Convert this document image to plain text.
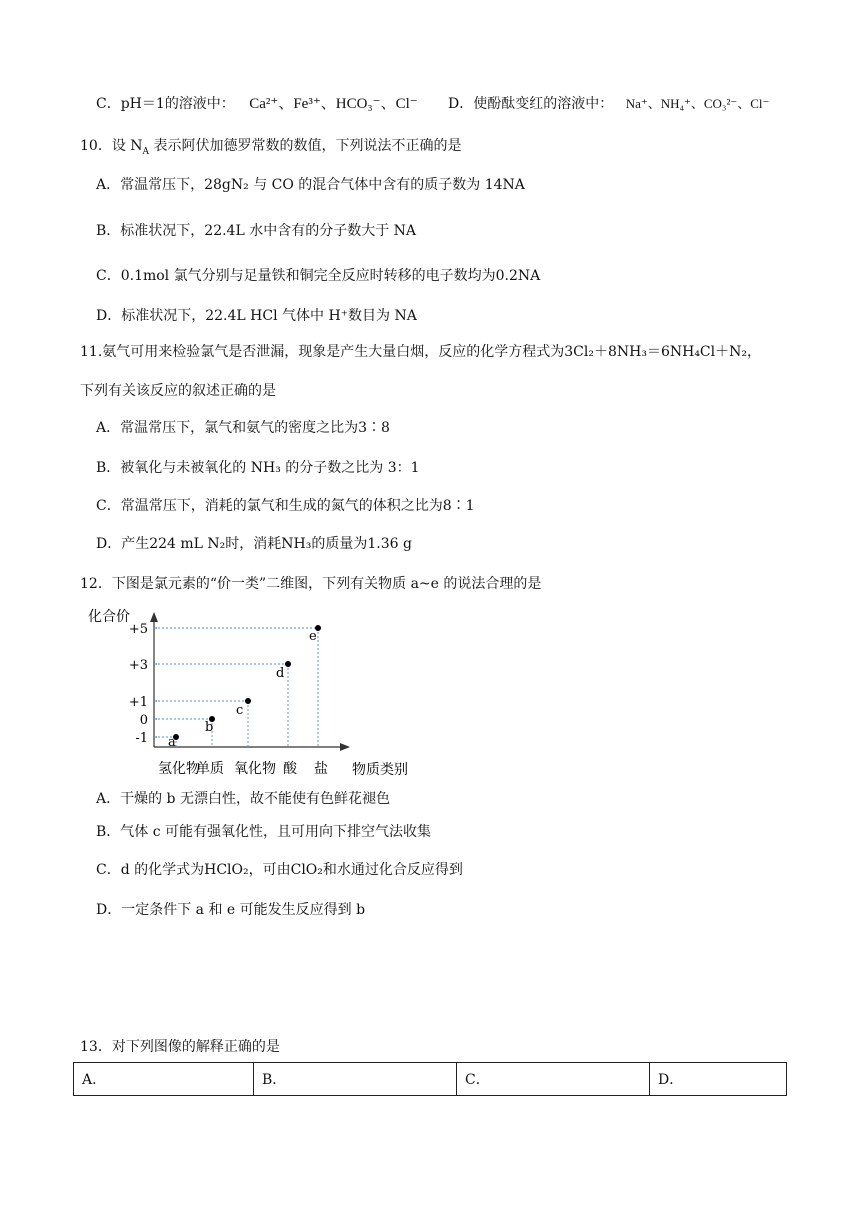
C．pH＝1的溶液中： Ca²⁺、Fe³⁺、HCO₃⁻、Cl⁻ D．使酚酞变红的溶液中： Na⁺、NH₄⁺、CO₃²⁻、Cl⁻
10．设 $N_A$ 表示阿伏加德罗常数的数值，下列说法不正确的是
A．常温常压下，28gN₂ 与 CO 的混合气体中含有的质子数为 14NA
B．标准状况下，22.4L 水中含有的分子数大于 NA
C．0.1mol 氯气分别与足量铁和铜完全反应时转移的电子数均为0.2NA
D．标准状况下，22.4L HCl 气体中 H⁺数目为 NA
11.氨气可用来检验氯气是否泄漏，现象是产生大量白烟，反应的化学方程式为3Cl₂＋8NH₃＝6NH₄Cl＋N₂，
下列有关该反应的叙述正确的是
A．常温常压下，氯气和氨气的密度之比为3∶8
B．被氧化与未被氧化的 NH₃ 的分子数之比为 3：1
C．常温常压下，消耗的氯气和生成的氮气的体积之比为8∶1
D．产生224 mL N₂时，消耗NH₃的质量为1.36 g
12．下图是氯元素的“价一类”二维图，下列有关物质 a~e 的说法合理的是
化合价
物质类别
+5
+3
+1
0
-1
氢化物
单质 氧化物 酸 盐
a
b
c
d
e
A．干燥的 b 无漂白性，故不能使有色鲜花褪色
B．气体 c 可能有强氧化性，且可用向下排空气法收集
C．d 的化学式为HClO₂，可由ClO₂和水通过化合反应得到
D．一定条件下 a 和 e 可能发生反应得到 b
13．对下列图像的解释正确的是
A．	B．	C．	D．
